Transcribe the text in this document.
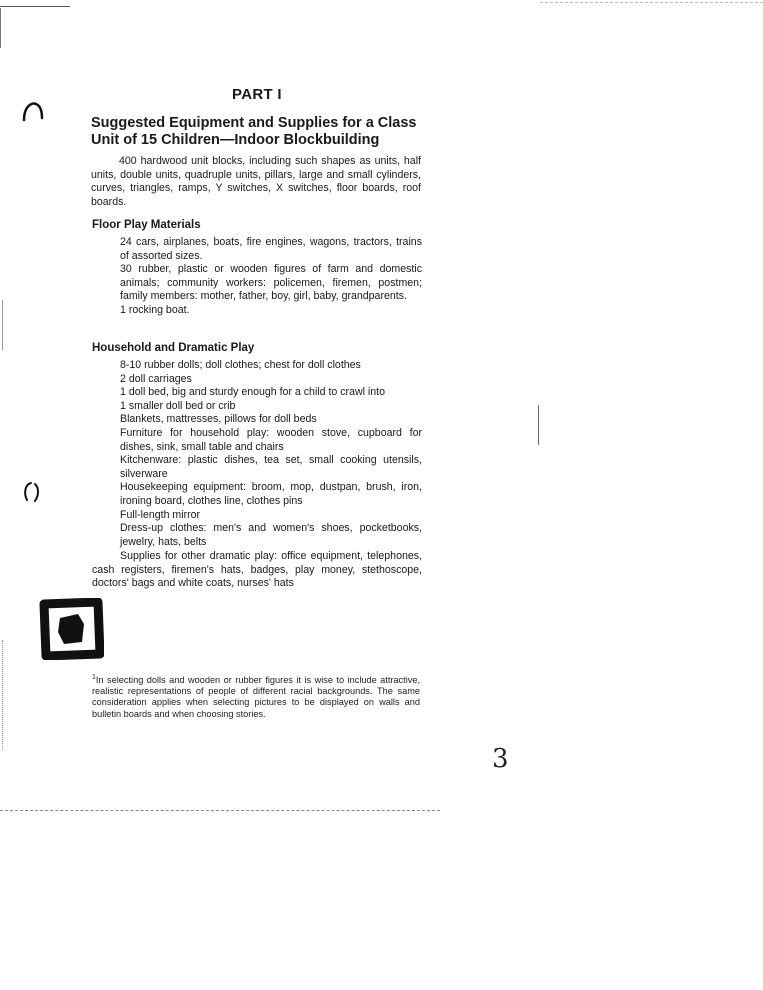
PART I
Suggested Equipment and Supplies for a Class
Unit of 15 Children—Indoor Blockbuilding

400 hardwood unit blocks, including such shapes as units, half units, double units, quadruple units, pillars, large and small cylinders, curves, triangles, ramps, Y switches, X switches, floor boards, roof boards.

Floor Play Materials
24 cars, airplanes, boats, fire engines, wagons, tractors, trains of assorted sizes.
30 rubber, plastic or wooden figures of farm and domestic animals; community workers: policemen, firemen, postmen; family members: mother, father, boy, girl, baby, grandparents.
1 rocking boat.
Household and Dramatic Play
8-10 rubber dolls; doll clothes; chest for doll clothes
2 doll carriages
1 doll bed, big and sturdy enough for a child to crawl into
1 smaller doll bed or crib
Blankets, mattresses, pillows for doll beds
Furniture for household play: wooden stove, cupboard for dishes, sink, small table and chairs
Kitchenware: plastic dishes, tea set, small cooking utensils, silverware
Housekeeping equipment: broom, mop, dustpan, brush, iron, ironing board, clothes line, clothes pins
Full-length mirror
Dress-up clothes: men's and women's shoes, pocketbooks, jewelry, hats, belts

Supplies for other dramatic play: office equipment, telephones, cash registers, firemen's hats, badges, play money, stethoscope, doctors' bags and white coats, nurses' hats

$^1$In selecting dolls and wooden or rubber figures it is wise to include attractive, realistic representations of people of different racial backgrounds. The same consideration applies when selecting pictures to be displayed on walls and bulletin boards and when choosing stories.

3
